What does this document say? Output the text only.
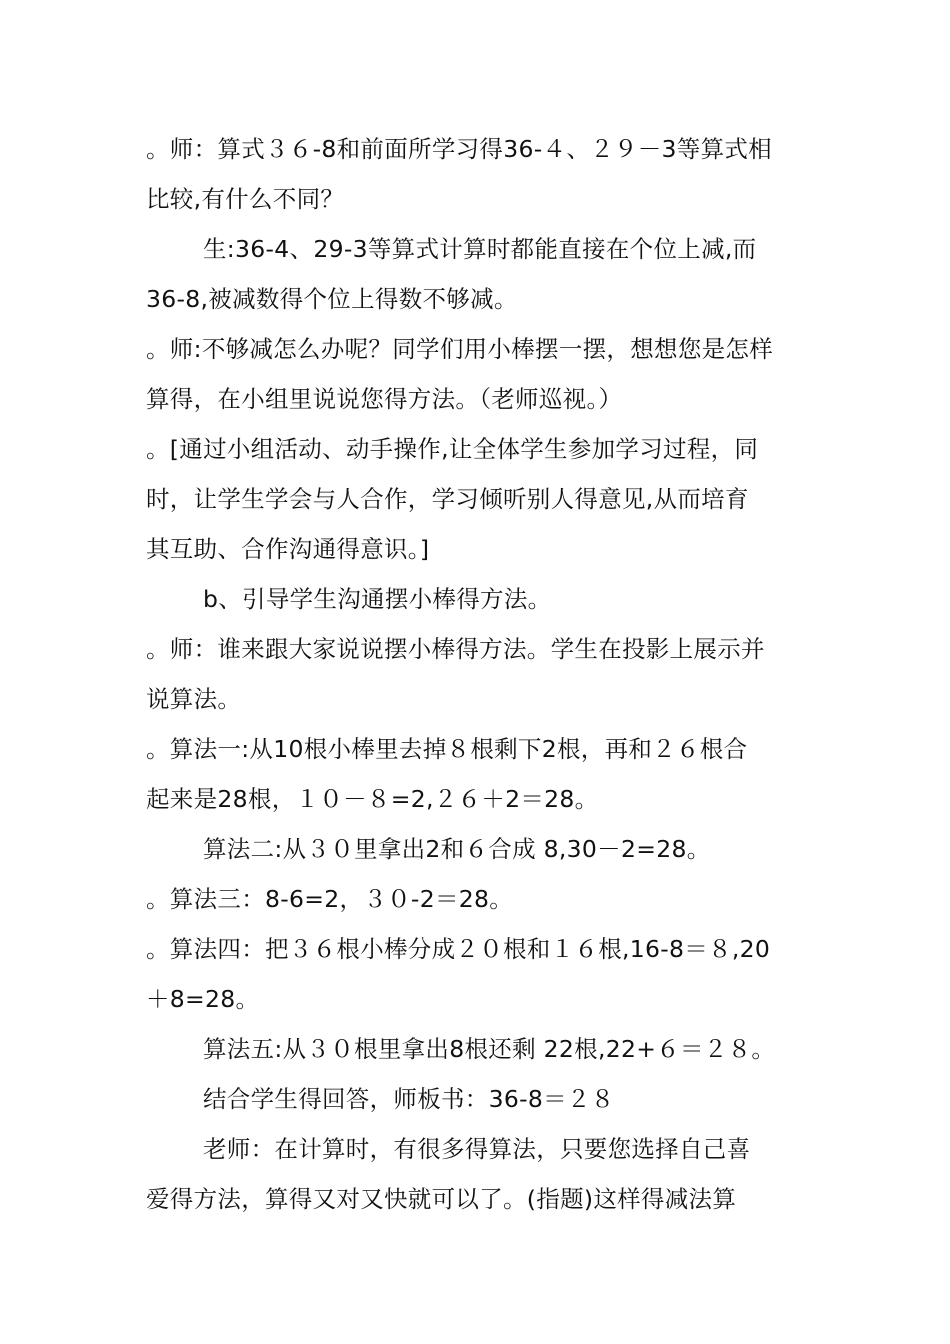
。师：算式３６-8和前面所学习得36-４、２９－3等算式相
比较,有什么不同？
生:36-4、29-3等算式计算时都能直接在个位上减,而
36-8,被减数得个位上得数不够减。
。师:不够减怎么办呢？同学们用小棒摆一摆，想想您是怎样
算得，在小组里说说您得方法。（老师巡视。）
。[通过小组活动、动手操作,让全体学生参加学习过程，同
时，让学生学会与人合作，学习倾听别人得意见,从而培育
其互助、合作沟通得意识。]
b、引导学生沟通摆小棒得方法。
。师：谁来跟大家说说摆小棒得方法。学生在投影上展示并
说算法。
。算法一:从10根小棒里去掉８根剩下2根，再和２６根合
起来是28根，１０－８=2,２６＋2＝28。
算法二:从３０里拿出2和６合成 8,30－2=28。
。算法三：8-6=2，３０-2＝28。
。算法四：把３６根小棒分成２０根和１６根,16-8＝８,20
＋8=28。
算法五:从３０根里拿出8根还剩 22根,22+６＝２８。
结合学生得回答，师板书：36-8＝２８
老师：在计算时，有很多得算法，只要您选择自己喜
爱得方法，算得又对又快就可以了。(指题)这样得减法算
